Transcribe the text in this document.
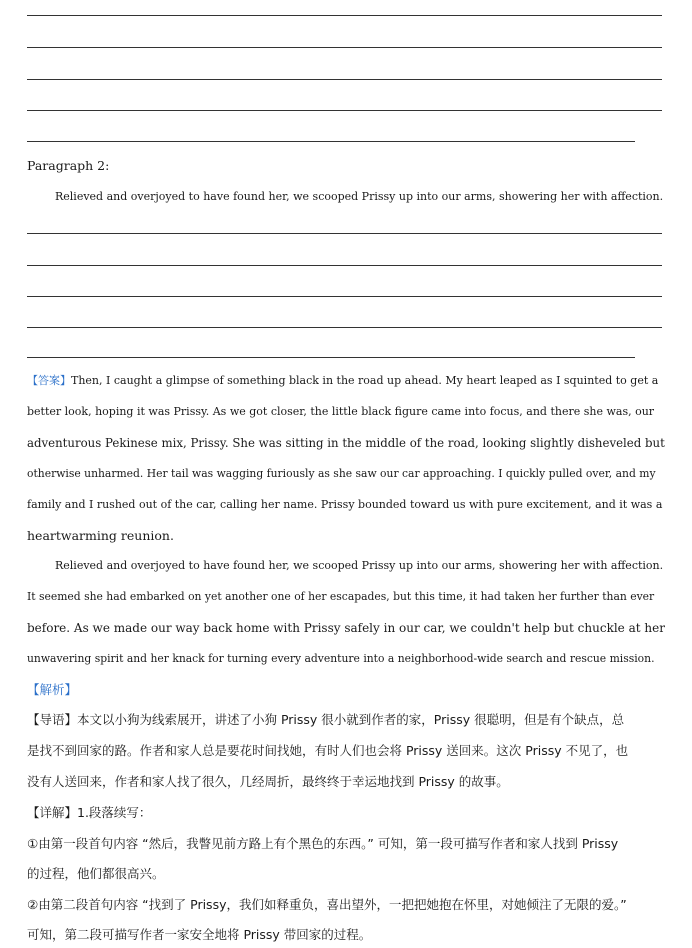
Paragraph 2:
Relieved and overjoyed to have found her, we scooped Prissy up into our arms, showering her with affection.
【答案】Then, I caught a glimpse of something black in the road up ahead. My heart leaped as I squinted to get a
better look, hoping it was Prissy. As we got closer, the little black figure came into focus, and there she was, our
adventurous Pekinese mix, Prissy. She was sitting in the middle of the road, looking slightly disheveled but
otherwise unharmed. Her tail was wagging furiously as she saw our car approaching. I quickly pulled over, and my
family and I rushed out of the car, calling her name. Prissy bounded toward us with pure excitement, and it was a
heartwarming reunion.
Relieved and overjoyed to have found her, we scooped Prissy up into our arms, showering her with affection.
It seemed she had embarked on yet another one of her escapades, but this time, it had taken her further than ever
before. As we made our way back home with Prissy safely in our car, we couldn't help but chuckle at her
unwavering spirit and her knack for turning every adventure into a neighborhood-wide search and rescue mission.
【解析】
【导语】本文以小狗为线索展开，讲述了小狗 Prissy 很小就到作者的家，Prissy 很聪明，但是有个缺点，总
是找不到回家的路。作者和家人总是要花时间找她，有时人们也会将 Prissy 送回来。这次 Prissy 不见了，也
没有人送回来，作者和家人找了很久，几经周折，最终终于幸运地找到 Prissy 的故事。
【详解】1.段落续写：
①由第一段首句内容 “然后，我瞥见前方路上有个黑色的东西。” 可知，第一段可描写作者和家人找到 Prissy
的过程，他们都很高兴。
②由第二段首句内容 “找到了 Prissy，我们如释重负，喜出望外，一把把她抱在怀里，对她倾注了无限的爱。”
可知，第二段可描写作者一家安全地将 Prissy 带回家的过程。
